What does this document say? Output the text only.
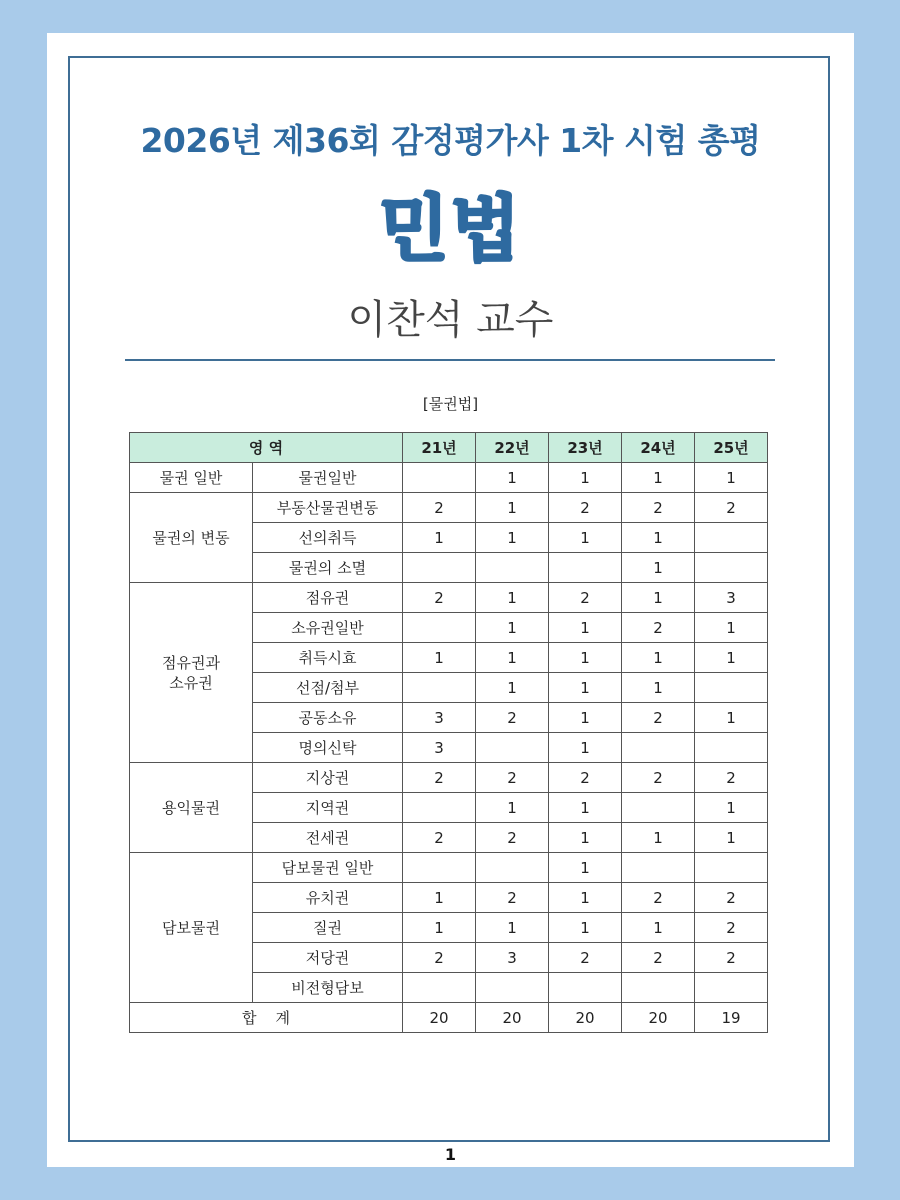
2026년 제36회 감정평가사 1차 시험 총평
민법
이찬석 교수
[물권법]
영 역		21년	22년	23년	24년	25년
물권 일반	물권일반		1	1	1	1
물권의 변동	부동산물권변동	2	1	2	2	2
	선의취득	1	1	1	1	
	물권의 소멸				1	
점유권과
소유권	점유권	2	1	2	1	3
	소유권일반		1	1	2	1
	취득시효	1	1	1	1	1
	선점/첨부		1	1	1	
	공동소유	3	2	1	2	1
	명의신탁	3		1		
용익물권	지상권	2	2	2	2	2
	지역권		1	1		1
	전세권	2	2	1	1	1
담보물권	담보물권 일반			1		
	유치권	1	2	1	2	2
	질권	1	1	1	1	2
	저당권	2	3	2	2	2
	비전형담보					
합    계		20	20	20	20	19
1
